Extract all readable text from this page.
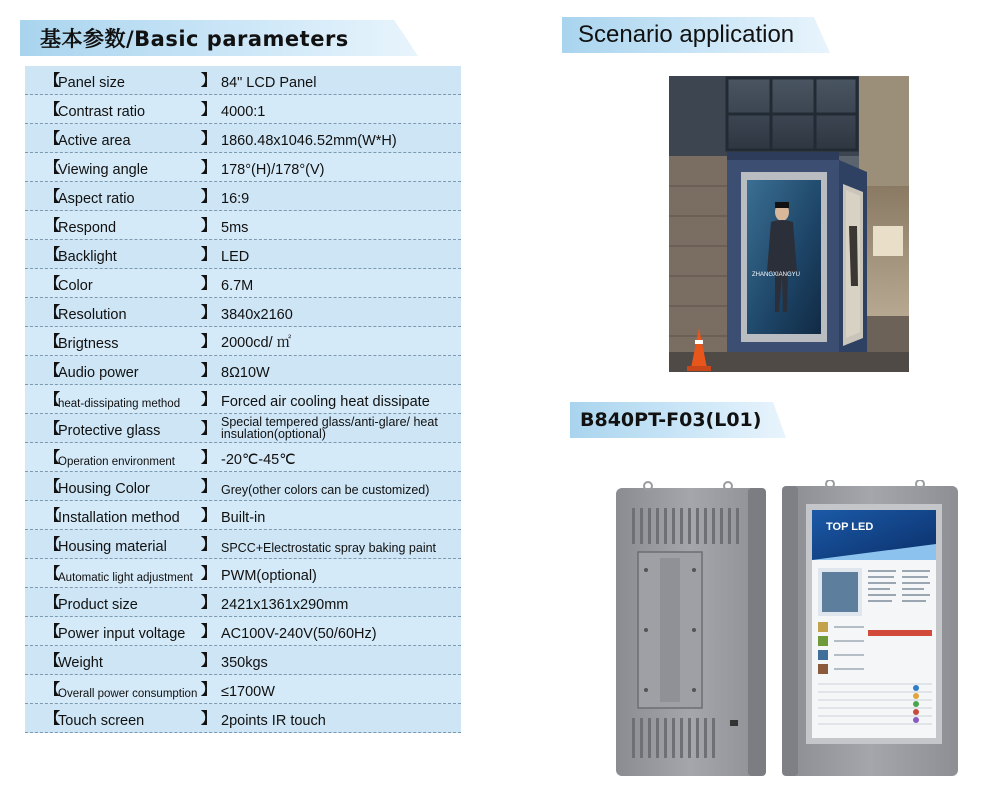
基本参数/Basic parameters
【
Panel size	】 84" LCD Panel
【
Contrast ratio	】 4000:1
【
Active area	】 1860.48x1046.52mm(W*H)
【
Viewing angle	】 178°(H)/178°(V)
【
Aspect ratio	】 16:9
【
Respond	】 5ms
【
Backlight	】 LED
【
Color	】 6.7M
【
Resolution	】 3840x2160
【
Brigtness	】 2000cd/ ㎡
【
Audio power	】 8Ω10W
【
heat-dissipating method 】 Forced air cooling heat dissipate
【
Protective glass	】 Special tempered glass/anti-glare/ heat insulation(optional)
【
Operation environment 】 -20℃-45℃
【
Housing Color	】 Grey(other colors can be customized)
【
Installation method 】 Built-in
【
Housing material 】 SPCC+Electrostatic spray baking paint
【
Automatic light adjustment 】 PWM(optional)
【
Product size	】 2421x1361x290mm
【
Power input voltage 】 AC100V-240V(50/60Hz)
【
Weight	】 350kgs
【
Overall power consumption 】 ≤1700W
【
Touch screen	】 2points IR touch
Scenario application
ZHANGXIANGYU
B840PT-F03(L01)
TOP LED
